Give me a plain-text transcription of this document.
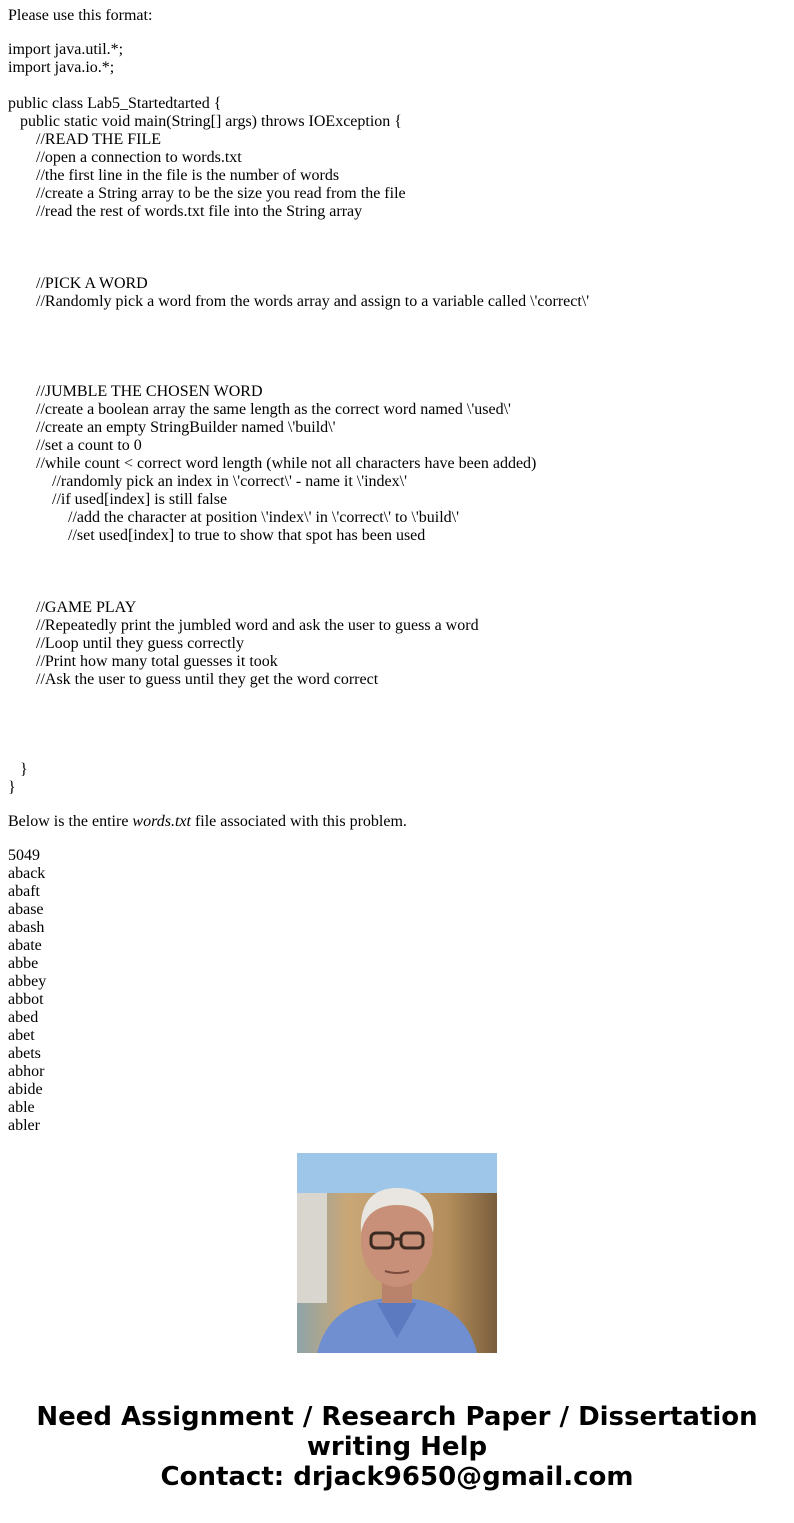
Please use this format:
import java.util.*;
import java.io.*;
public class Lab5_Startedtarted {
public static void main(String[] args) throws IOException {
//READ THE FILE
//open a connection to words.txt
//the first line in the file is the number of words
//create a String array to be the size you read from the file
//read the rest of words.txt file into the String array
//PICK A WORD
//Randomly pick a word from the words array and assign to a variable called \'correct\'
//JUMBLE THE CHOSEN WORD
//create a boolean array the same length as the correct word named \'used\'
//create an empty StringBuilder named \'build\'
//set a count to 0
//while count < correct word length (while not all characters have been added)
//randomly pick an index in \'correct\' - name it \'index\'
//if used[index] is still false
//add the character at position \'index\' in \'correct\' to \'build\'
//set used[index] to true to show that spot has been used
//GAME PLAY
//Repeatedly print the jumbled word and ask the user to guess a word
//Loop until they guess correctly
//Print how many total guesses it took
//Ask the user to guess until they get the word correct
}
}
Below is the entire words.txt file associated with this problem.
5049
aback
abaft
abase
abash
abate
abbe
abbey
abbot
abed
abet
abets
abhor
abide
able
abler
Need Assignment / Research Paper / Dissertation
writing Help
Contact: drjack9650@gmail.com
